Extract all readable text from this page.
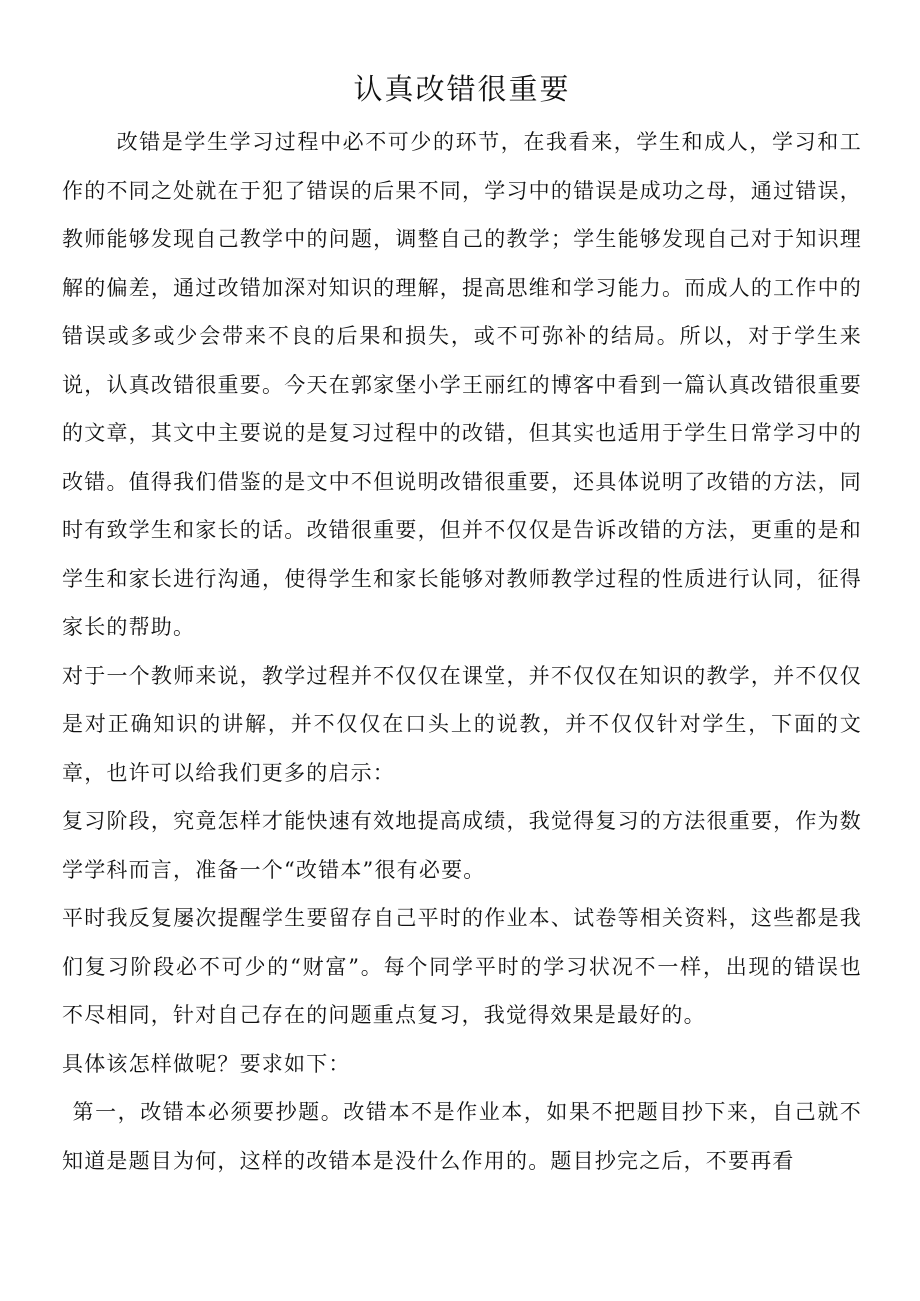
认真改错很重要

改错是学生学习过程中必不可少的环节，在我看来，学生和成人，学习和工作的不同之处就在于犯了错误的后果不同，学习中的错误是成功之母，通过错误，教师能够发现自己教学中的问题，调整自己的教学；学生能够发现自己对于知识理解的偏差，通过改错加深对知识的理解，提高思维和学习能力。而成人的工作中的错误或多或少会带来不良的后果和损失，或不可弥补的结局。所以，对于学生来说，认真改错很重要。今天在郭家堡小学王丽红的博客中看到一篇认真改错很重要的文章，其文中主要说的是复习过程中的改错，但其实也适用于学生日常学习中的改错。值得我们借鉴的是文中不但说明改错很重要，还具体说明了改错的方法，同时有致学生和家长的话。改错很重要，但并不仅仅是告诉改错的方法，更重的是和学生和家长进行沟通，使得学生和家长能够对教师教学过程的性质进行认同，征得家长的帮助。

对于一个教师来说，教学过程并不仅仅在课堂，并不仅仅在知识的教学，并不仅仅是对正确知识的讲解，并不仅仅在口头上的说教，并不仅仅针对学生，下面的文章，也许可以给我们更多的启示：

复习阶段，究竟怎样才能快速有效地提高成绩，我觉得复习的方法很重要，作为数学学科而言，准备一个“改错本”很有必要。

平时我反复屡次提醒学生要留存自己平时的作业本、试卷等相关资料，这些都是我们复习阶段必不可少的“财富”。每个同学平时的学习状况不一样，出现的错误也不尽相同，针对自己存在的问题重点复习，我觉得效果是最好的。

具体该怎样做呢？要求如下：

第一，改错本必须要抄题。改错本不是作业本，如果不把题目抄下来，自己就不知道是题目为何，这样的改错本是没什么作用的。题目抄完之后，不要再看
